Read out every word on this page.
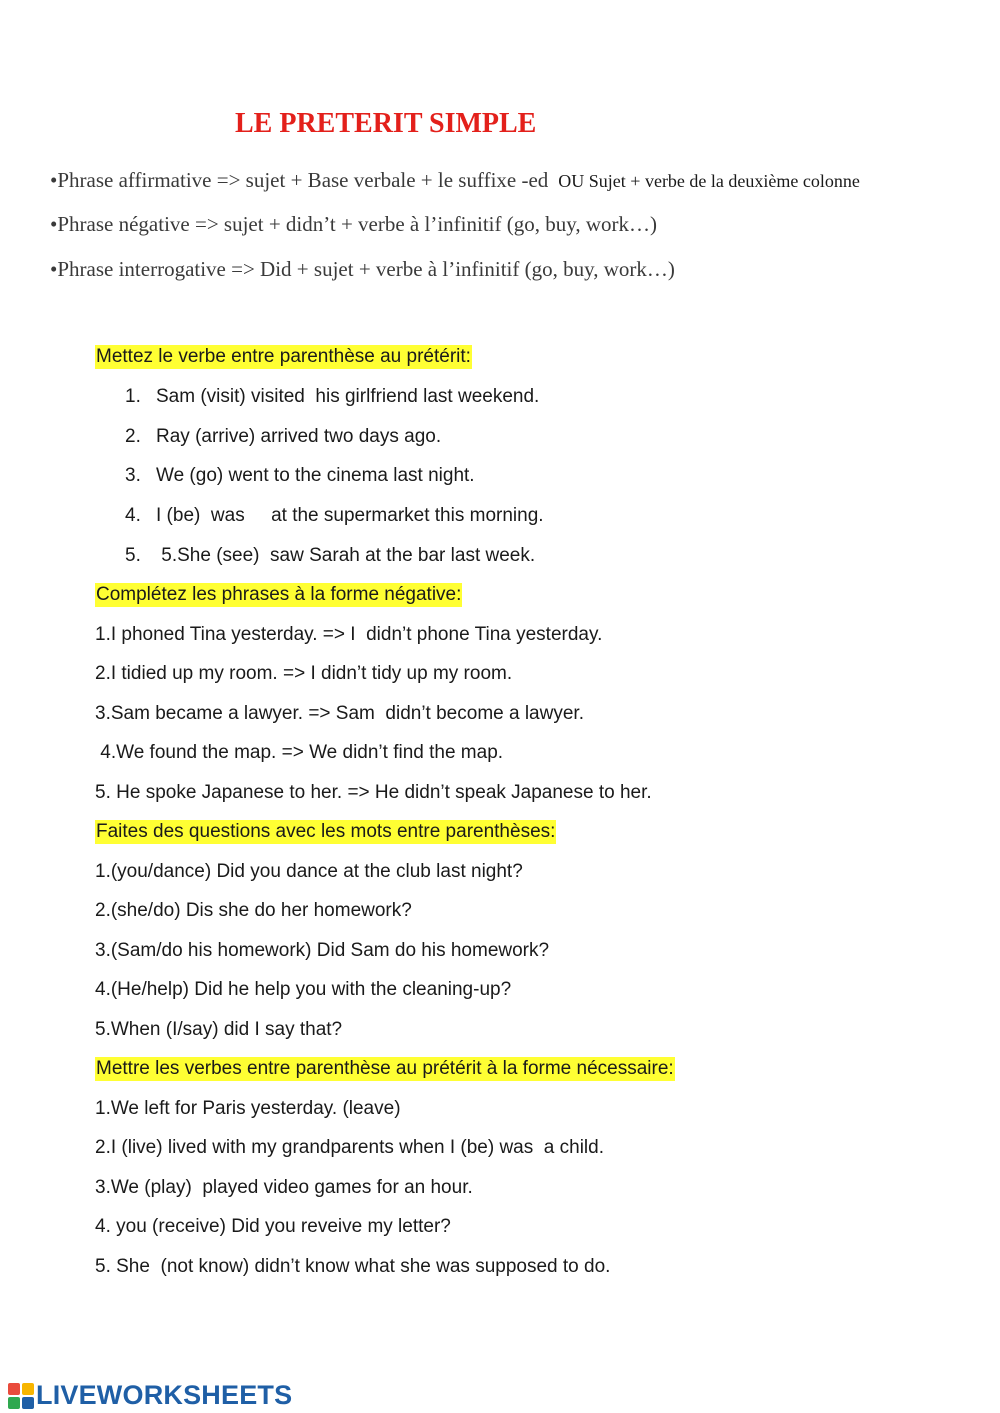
LE PRETERIT SIMPLE
•Phrase affirmative => sujet + Base verbale + le suffixe -ed OU Sujet + verbe de la deuxième colonne
•Phrase négative => sujet + didn’t + verbe à l’infinitif (go, buy, work…)
•Phrase interrogative => Did + sujet + verbe à l’infinitif (go, buy, work…)
Mettez le verbe entre parenthèse au prétérit:
1. Sam (visit) visited  his girlfriend last weekend.
2. Ray (arrive) arrived two days ago.
3. We (go) went to the cinema last night.
4. I (be)  was     at the supermarket this morning.
5. 5.She (see)  saw Sarah at the bar last week.
Complétez les phrases à la forme négative:
1.I phoned Tina yesterday. => I  didn’t phone Tina yesterday.
2.I tidied up my room. => I didn’t tidy up my room.
3.Sam became a lawyer. => Sam  didn’t become a lawyer.
4.We found the map. => We didn’t find the map.
5. He spoke Japanese to her. => He didn’t speak Japanese to her.
Faites des questions avec les mots entre parenthèses:
1.(you/dance) Did you dance at the club last night?
2.(she/do) Dis she do her homework?
3.(Sam/do his homework) Did Sam do his homework?
4.(He/help) Did he help you with the cleaning-up?
5.When (I/say) did I say that?
Mettre les verbes entre parenthèse au prétérit à la forme nécessaire:
1.We left for Paris yesterday. (leave)
2.I (live) lived with my grandparents when I (be) was  a child.
3.We (play)  played video games for an hour.
4. you (receive) Did you reveive my letter?
5. She  (not know) didn’t know what she was supposed to do.
LIVEWORKSHEETS
